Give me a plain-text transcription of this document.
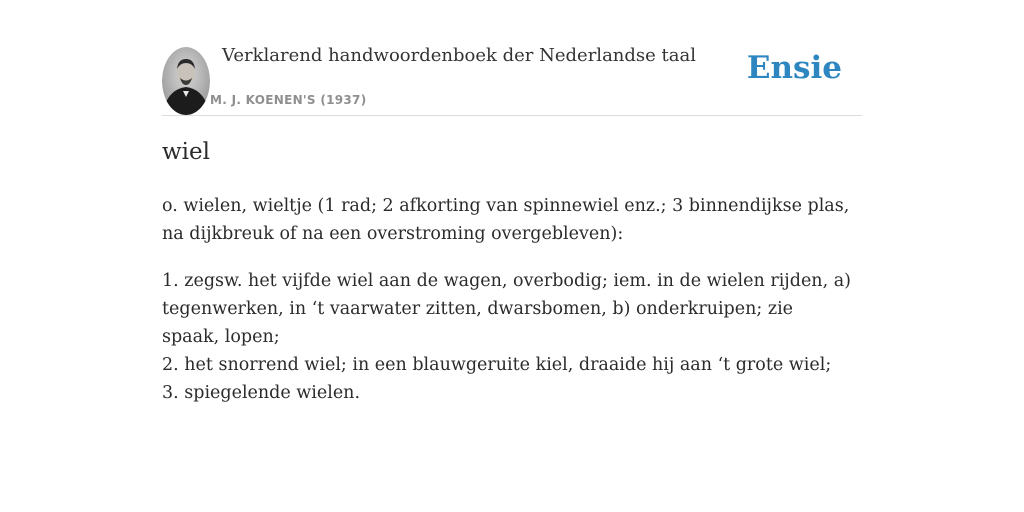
Verklarend handwoordenboek der Nederlandse taal
M. J. KOENEN'S (1937)
Ensie
wiel

o. wielen, wieltje (1 rad; 2 afkorting van spinnewiel enz.; 3 binnendijkse plas, na dijkbreuk of na een overstroming overgebleven):

1. zegsw. het vijfde wiel aan de wagen, overbodig; iem. in de wielen rijden, a) tegenwerken, in ‘t vaarwater zitten, dwarsbomen, b) onderkruipen; zie spaak, lopen;
2. het snorrend wiel; in een blauwgeruite kiel, draaide hij aan ‘t grote wiel;
3. spiegelende wielen.
